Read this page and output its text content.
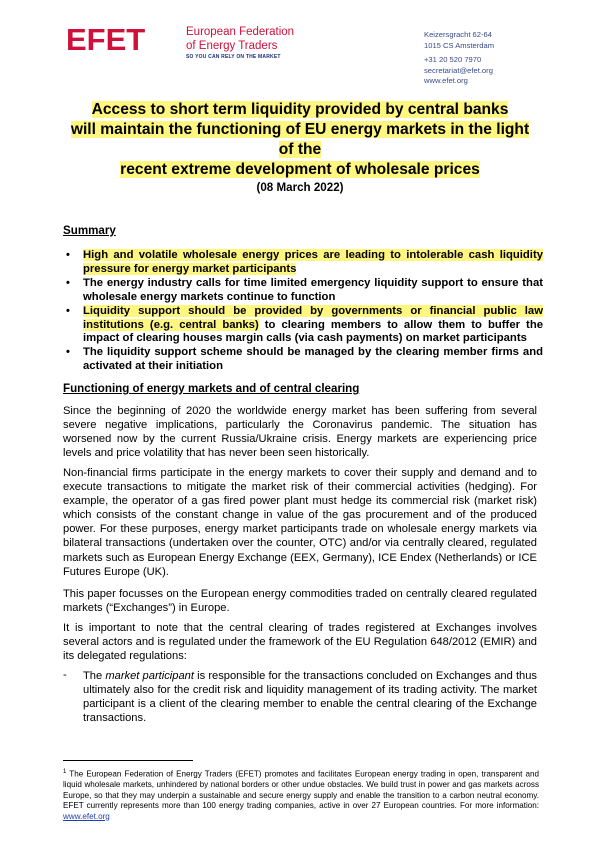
EFET	European Federation
of Energy Traders
SO YOU CAN RELY ON THE MARKET
Keizersgracht 62-64
1015 CS Amsterdam
+31 20 520 7970
secretariat@efet.org
www.efet.org
Access to short term liquidity provided by central banks
will maintain the functioning of EU energy markets in the light of the
recent extreme development of wholesale prices
(08 March 2022)
Summary
• High and volatile wholesale energy prices are leading to intolerable cash liquidity pressure for energy market participants
• The energy industry calls for time limited emergency liquidity support to ensure that wholesale energy markets continue to function
• Liquidity support should be provided by governments or financial public law institutions (e.g. central banks) to clearing members to allow them to buffer the impact of clearing houses margin calls (via cash payments) on market participants
• The liquidity support scheme should be managed by the clearing member firms and activated at their initiation
Functioning of energy markets and of central clearing
Since the beginning of 2020 the worldwide energy market has been suffering from several severe negative implications, particularly the Coronavirus pandemic. The situation has worsened now by the current Russia/Ukraine crisis. Energy markets are experiencing price levels and price volatility that has never been seen historically.
Non-financial firms participate in the energy markets to cover their supply and demand and to execute transactions to mitigate the market risk of their commercial activities (hedging). For example, the operator of a gas fired power plant must hedge its commercial risk (market risk) which consists of the constant change in value of the gas procurement and of the produced power. For these purposes, energy market participants trade on wholesale energy markets via bilateral transactions (undertaken over the counter, OTC) and/or via centrally cleared, regulated markets such as European Energy Exchange (EEX, Germany), ICE Endex (Netherlands) or ICE Futures Europe (UK).
This paper focusses on the European energy commodities traded on centrally cleared regulated markets (“Exchanges”) in Europe.
It is important to note that the central clearing of trades registered at Exchanges involves several actors and is regulated under the framework of the EU Regulation 648/2012 (EMIR) and its delegated regulations:
- The market participant is responsible for the transactions concluded on Exchanges and thus ultimately also for the credit risk and liquidity management of its trading activity. The market participant is a client of the clearing member to enable the central clearing of the Exchange transactions.
$^1$ The European Federation of Energy Traders (EFET) promotes and facilitates European energy trading in open, transparent and liquid wholesale markets, unhindered by national borders or other undue obstacles. We build trust in power and gas markets across Europe, so that they may underpin a sustainable and secure energy supply and enable the transition to a carbon neutral economy. EFET currently represents more than 100 energy trading companies, active in over 27 European countries. For more information: www.efet.org
